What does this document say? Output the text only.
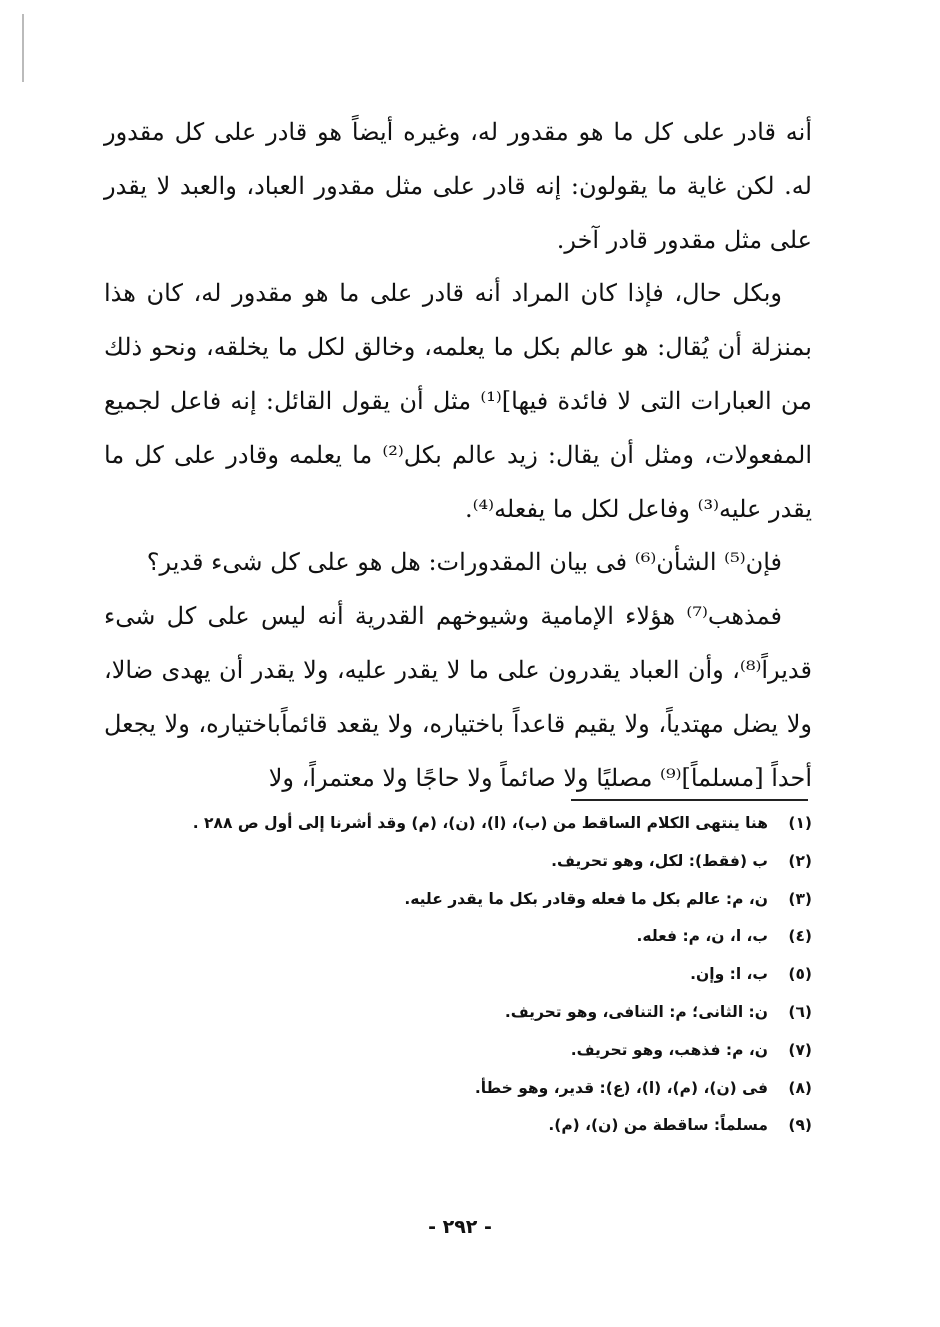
أنه قادر على كل ما هو مقدور له، وغيره أيضاً هو قادر على كل مقدور له. لكن غاية ما يقولون: إنه قادر على مثل مقدور العباد، والعبد لا يقدر على مثل مقدور قادر آخر.

وبكل حال، فإذا كان المراد أنه قادر على ما هو مقدور له، كان هذا بمنزلة أن يُقال: هو عالم بكل ما يعلمه، وخالق لكل ما يخلقه، ونحو ذلك من العبارات التى لا فائدة فيها]⁽¹⁾ مثل أن يقول القائل: إنه فاعل لجميع المفعولات، ومثل أن يقال: زيد عالم بكل⁽²⁾ ما يعلمه وقادر على كل ما يقدر عليه⁽³⁾ وفاعل لكل ما يفعله⁽⁴⁾.

فإن⁽⁵⁾ الشأن⁽⁶⁾ فى بيان المقدورات: هل هو على كل شىء قدير؟

فمذهب⁽⁷⁾ هؤلاء الإمامية وشيوخهم القدرية أنه ليس على كل شىء قديراً⁽⁸⁾، وأن العباد يقدرون على ما لا يقدر عليه، ولا يقدر أن يهدى ضالا، ولا يضل مهتدياً، ولا يقيم قاعداً باختياره، ولا يقعد قائماًباختياره، ولا يجعل أحداً [مسلماً]⁽⁹⁾ مصليًا ولا صائماً ولا حاجًا ولا معتمراً، ولا

(١)هنا ينتهى الكلام الساقط من (ب)، (ا)، (ن)، (م) وقد أشرنا إلى أول ص ٢٨٨ .
(٢)ب (فقط): لكل، وهو تحريف.
(٣)ن، م: عالم بكل ما فعله وقادر بكل ما يقدر عليه.
(٤)ب، ا، ن، م: فعله.
(٥)ب، ا: وإن.
(٦)ن: الثانى؛ م: التنافى، وهو تحريف.
(٧)ن، م: فذهب، وهو تحريف.
(٨)فى (ن)، (م)، (ا)، (ع): قدير، وهو خطأ.
(٩)مسلماً: ساقطة من (ن)، (م).
- ٢٩٢ -
